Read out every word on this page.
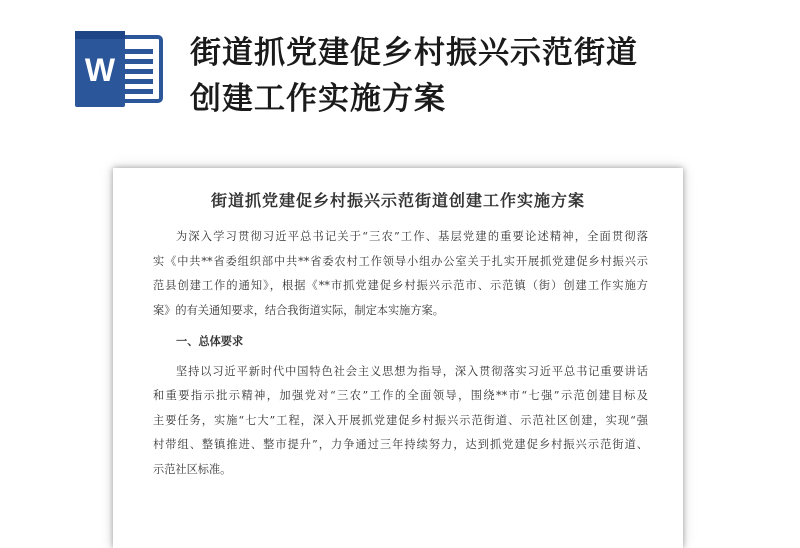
W 街道抓党建促乡村振兴示范街道
创建工作实施方案
街道抓党建促乡村振兴示范街道创建工作实施方案
为深入学习贯彻习近平总书记关于“三农”工作、基层党建的重要论述精神，全面贯彻落
实《中共**省委组织部中共**省委农村工作领导小组办公室关于扎实开展抓党建促乡村振兴示
范县创建工作的通知》，根据《**市抓党建促乡村振兴示范市、示范镇（街）创建工作实施方
案》的有关通知要求，结合我街道实际，制定本实施方案。
一、总体要求
坚持以习近平新时代中国特色社会主义思想为指导，深入贯彻落实习近平总书记重要讲话
和重要指示批示精神，加强党对“三农”工作的全面领导，围绕**市“七强”示范创建目标及
主要任务，实施“七大”工程，深入开展抓党建促乡村振兴示范街道、示范社区创建，实现“强
村带组、整镇推进、整市提升”，力争通过三年持续努力，达到抓党建促乡村振兴示范街道、
示范社区标准。
